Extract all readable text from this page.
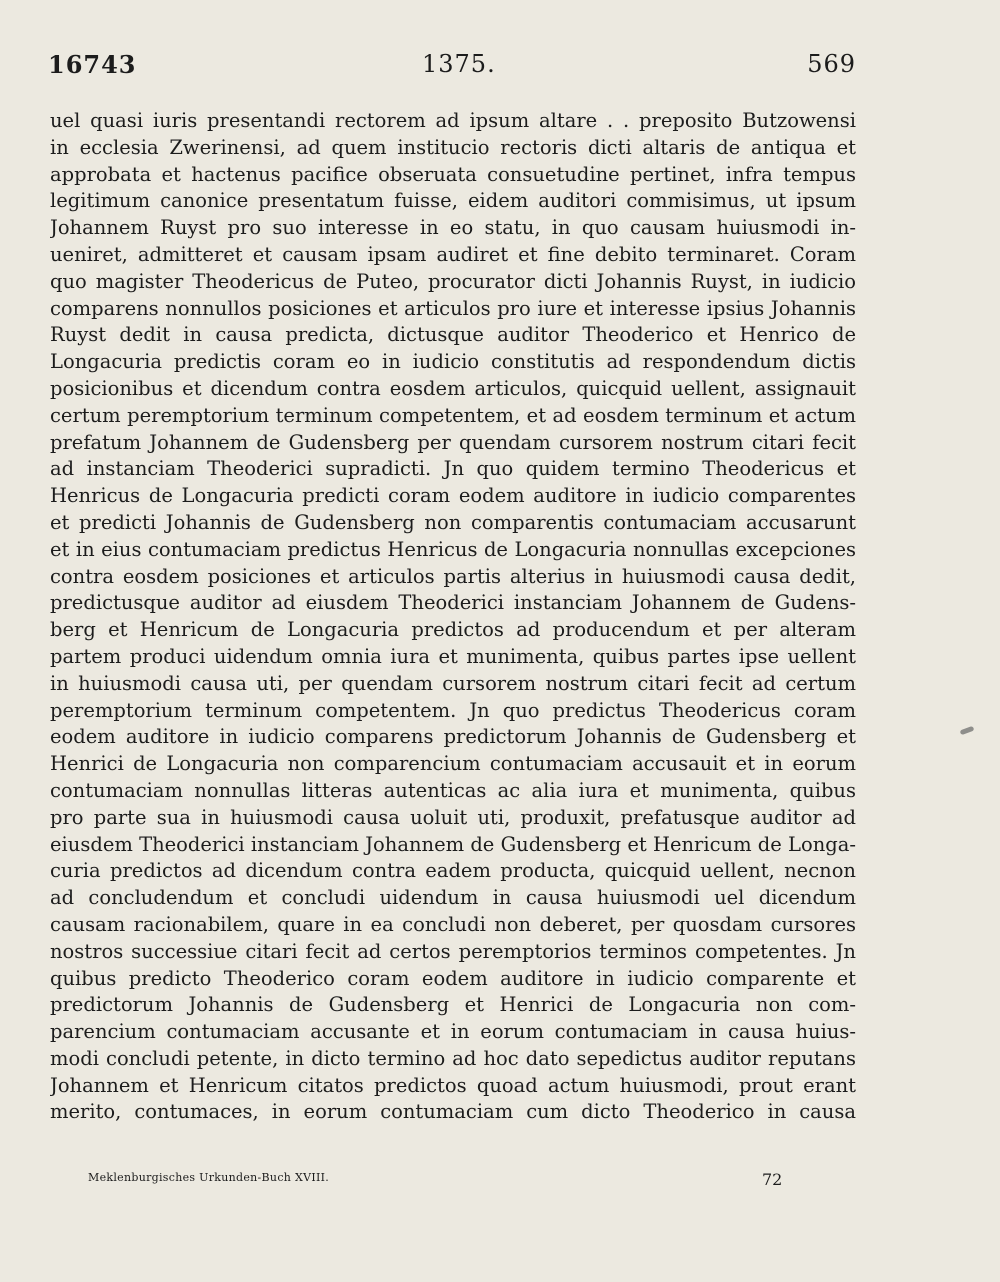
16743	1375.	569
uel quasi iuris presentandi rectorem ad ipsum altare . . preposito Butzowensi
in ecclesia Zwerinensi, ad quem institucio rectoris dicti altaris de antiqua et
approbata et hactenus pacifice obseruata consuetudine pertinet, infra tempus
legitimum canonice presentatum fuisse, eidem auditori commisimus, ut ipsum
Johannem Ruyst pro suo interesse in eo statu, in quo causam huiusmodi in-
ueniret, admitteret et causam ipsam audiret et fine debito terminaret. Coram
quo magister Theodericus de Puteo, procurator dicti Johannis Ruyst, in iudicio
comparens nonnullos posiciones et articulos pro iure et interesse ipsius Johannis
Ruyst dedit in causa predicta, dictusque auditor Theoderico et Henrico de
Longacuria predictis coram eo in iudicio constitutis ad respondendum dictis
posicionibus et dicendum contra eosdem articulos, quicquid uellent, assignauit
certum peremptorium terminum competentem, et ad eosdem terminum et actum
prefatum Johannem de Gudensberg per quendam cursorem nostrum citari fecit
ad instanciam Theoderici supradicti. Jn quo quidem termino Theodericus et
Henricus de Longacuria predicti coram eodem auditore in iudicio comparentes
et predicti Johannis de Gudensberg non comparentis contumaciam accusarunt
et in eius contumaciam predictus Henricus de Longacuria nonnullas excepciones
contra eosdem posiciones et articulos partis alterius in huiusmodi causa dedit,
predictusque auditor ad eiusdem Theoderici instanciam Johannem de Gudens-
berg et Henricum de Longacuria predictos ad producendum et per alteram
partem produci uidendum omnia iura et munimenta, quibus partes ipse uellent
in huiusmodi causa uti, per quendam cursorem nostrum citari fecit ad certum
peremptorium terminum competentem. Jn quo predictus Theodericus coram
eodem auditore in iudicio comparens predictorum Johannis de Gudensberg et
Henrici de Longacuria non comparencium contumaciam accusauit et in eorum
contumaciam nonnullas litteras autenticas ac alia iura et munimenta, quibus
pro parte sua in huiusmodi causa uoluit uti, produxit, prefatusque auditor ad
eiusdem Theoderici instanciam Johannem de Gudensberg et Henricum de Longa-
curia predictos ad dicendum contra eadem producta, quicquid uellent, necnon
ad concludendum et concludi uidendum in causa huiusmodi uel dicendum
causam racionabilem, quare in ea concludi non deberet, per quosdam cursores
nostros successiue citari fecit ad certos peremptorios terminos competentes. Jn
quibus predicto Theoderico coram eodem auditore in iudicio comparente et
predictorum Johannis de Gudensberg et Henrici de Longacuria non com-
parencium contumaciam accusante et in eorum contumaciam in causa huius-
modi concludi petente, in dicto termino ad hoc dato sepedictus auditor reputans
Johannem et Henricum citatos predictos quoad actum huiusmodi, prout erant
merito, contumaces, in eorum contumaciam cum dicto Theoderico in causa
Meklenburgisches Urkunden-Buch XVIII.	72
